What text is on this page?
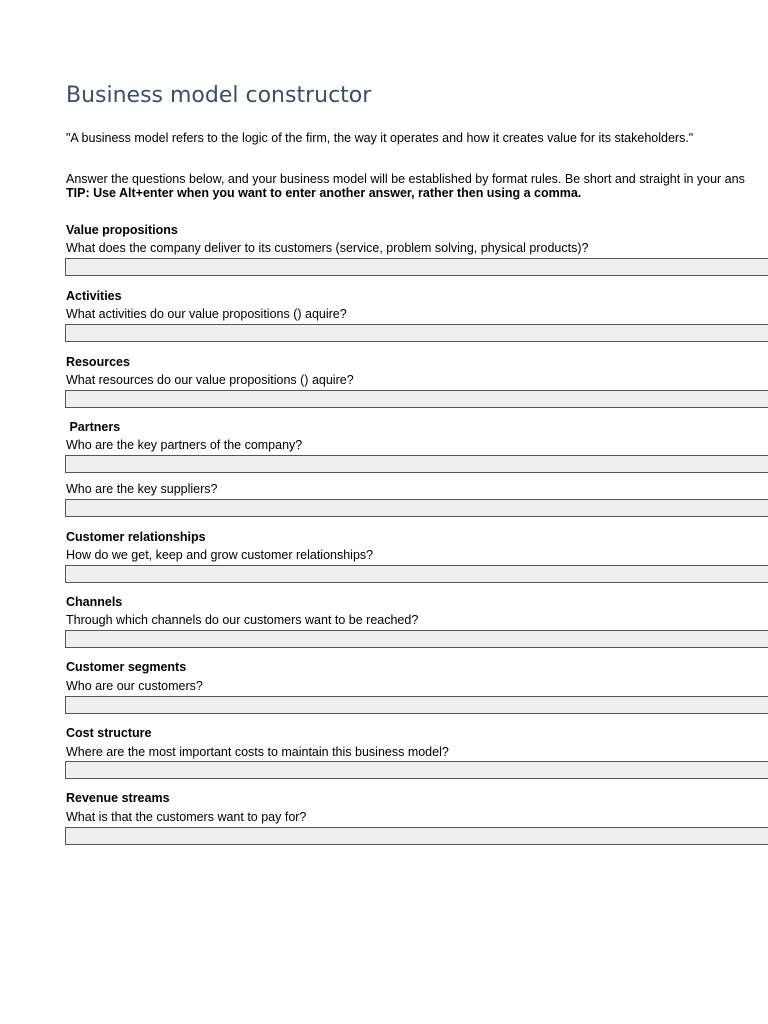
Business model constructor
"A business model refers to the logic of the firm, the way it operates and how it creates value for its stakeholders."
Answer the questions below, and your business model will be established by format rules. Be short and straight in your ans
TIP: Use Alt+enter when you want to enter another answer, rather then using a comma.
Value propositions
What does the company deliver to its customers (service, problem solving, physical products)?
Activities
What activities do our value propositions () aquire?
Resources
What resources do our value propositions () aquire?
Partners
Who are the key partners of the company?
Who are the key suppliers?
Customer relationships
How do we get, keep and grow customer relationships?
Channels
Through which channels do our customers want to be reached?
Customer segments
Who are our customers?
Cost structure
Where are the most important costs to maintain this business model?
Revenue streams
What is that the customers want to pay for?
